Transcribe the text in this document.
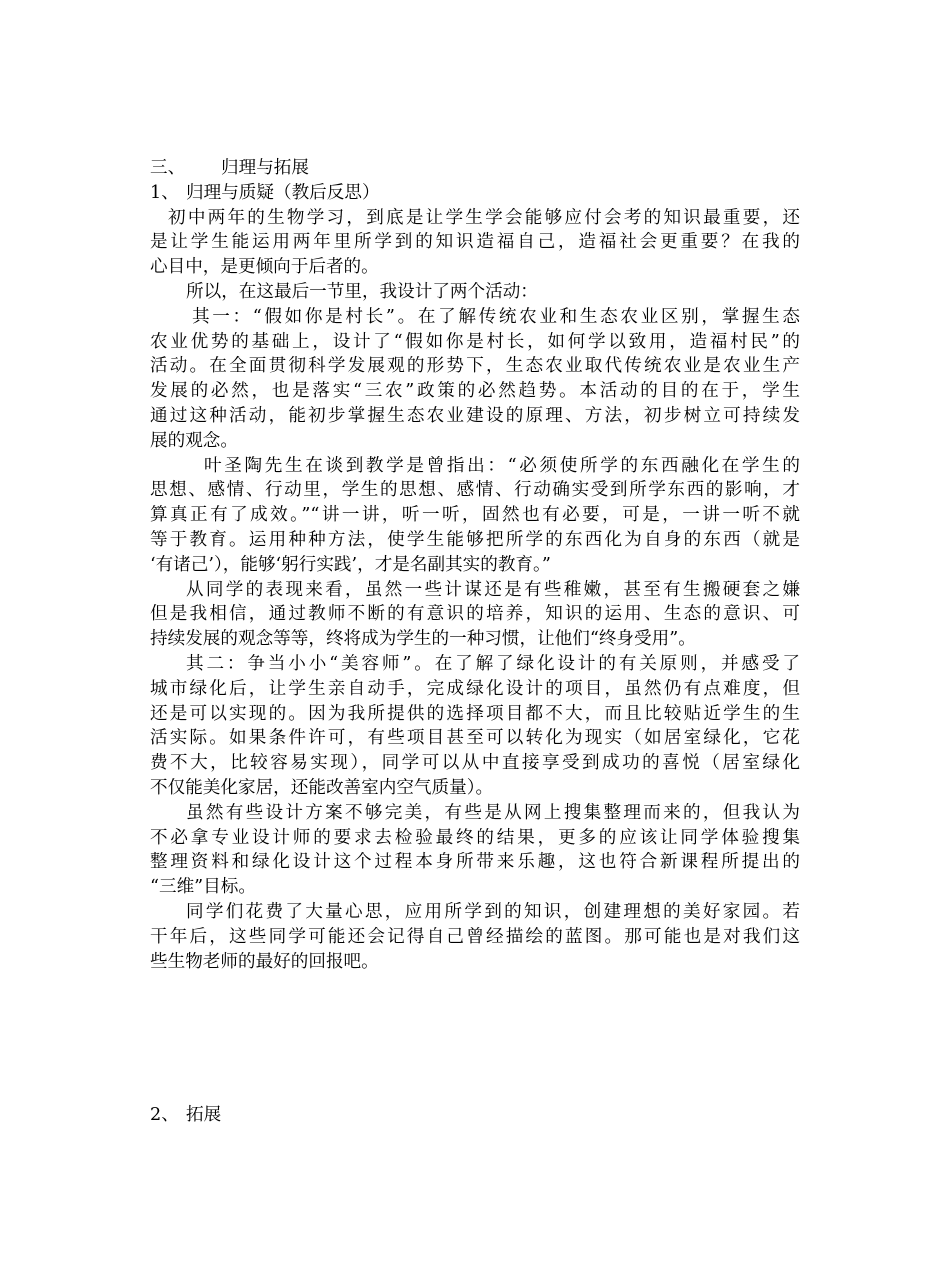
三、 归理与拓展
1、 归理与质疑（教后反思）
初中两年的生物学习，到底是让学生学会能够应付会考的知识最重要，还
是让学生能运用两年里所学到的知识造福自己，造福社会更重要？在我的
心目中，是更倾向于后者的。
所以，在这最后一节里，我设计了两个活动：
其一：“假如你是村长”。在了解传统农业和生态农业区别，掌握生态
农业优势的基础上，设计了“假如你是村长，如何学以致用，造福村民”的
活动。在全面贯彻科学发展观的形势下，生态农业取代传统农业是农业生产
发展的必然，也是落实“三农”政策的必然趋势。本活动的目的在于，学生
通过这种活动，能初步掌握生态农业建设的原理、方法，初步树立可持续发
展的观念。
叶圣陶先生在谈到教学是曾指出：“必须使所学的东西融化在学生的
思想、感情、行动里，学生的思想、感情、行动确实受到所学东西的影响，才
算真正有了成效。”“讲一讲，听一听，固然也有必要，可是，一讲一听不就
等于教育。运用种种方法，使学生能够把所学的东西化为自身的东西（就是
‘有诸己’），能够‘躬行实践’，才是名副其实的教育。”
从同学的表现来看，虽然一些计谋还是有些稚嫩，甚至有生搬硬套之嫌
但是我相信，通过教师不断的有意识的培养，知识的运用、生态的意识、可
持续发展的观念等等，终将成为学生的一种习惯，让他们“终身受用”。
其二：争当小小“美容师”。在了解了绿化设计的有关原则，并感受了
城市绿化后，让学生亲自动手，完成绿化设计的项目，虽然仍有点难度，但
还是可以实现的。因为我所提供的选择项目都不大，而且比较贴近学生的生
活实际。如果条件许可，有些项目甚至可以转化为现实（如居室绿化，它花
费不大，比较容易实现），同学可以从中直接享受到成功的喜悦（居室绿化
不仅能美化家居，还能改善室内空气质量）。
虽然有些设计方案不够完美，有些是从网上搜集整理而来的，但我认为
不必拿专业设计师的要求去检验最终的结果，更多的应该让同学体验搜集
整理资料和绿化设计这个过程本身所带来乐趣，这也符合新课程所提出的
“三维”目标。
同学们花费了大量心思，应用所学到的知识，创建理想的美好家园。若
干年后，这些同学可能还会记得自己曾经描绘的蓝图。那可能也是对我们这
些生物老师的最好的回报吧。
2、 拓展
